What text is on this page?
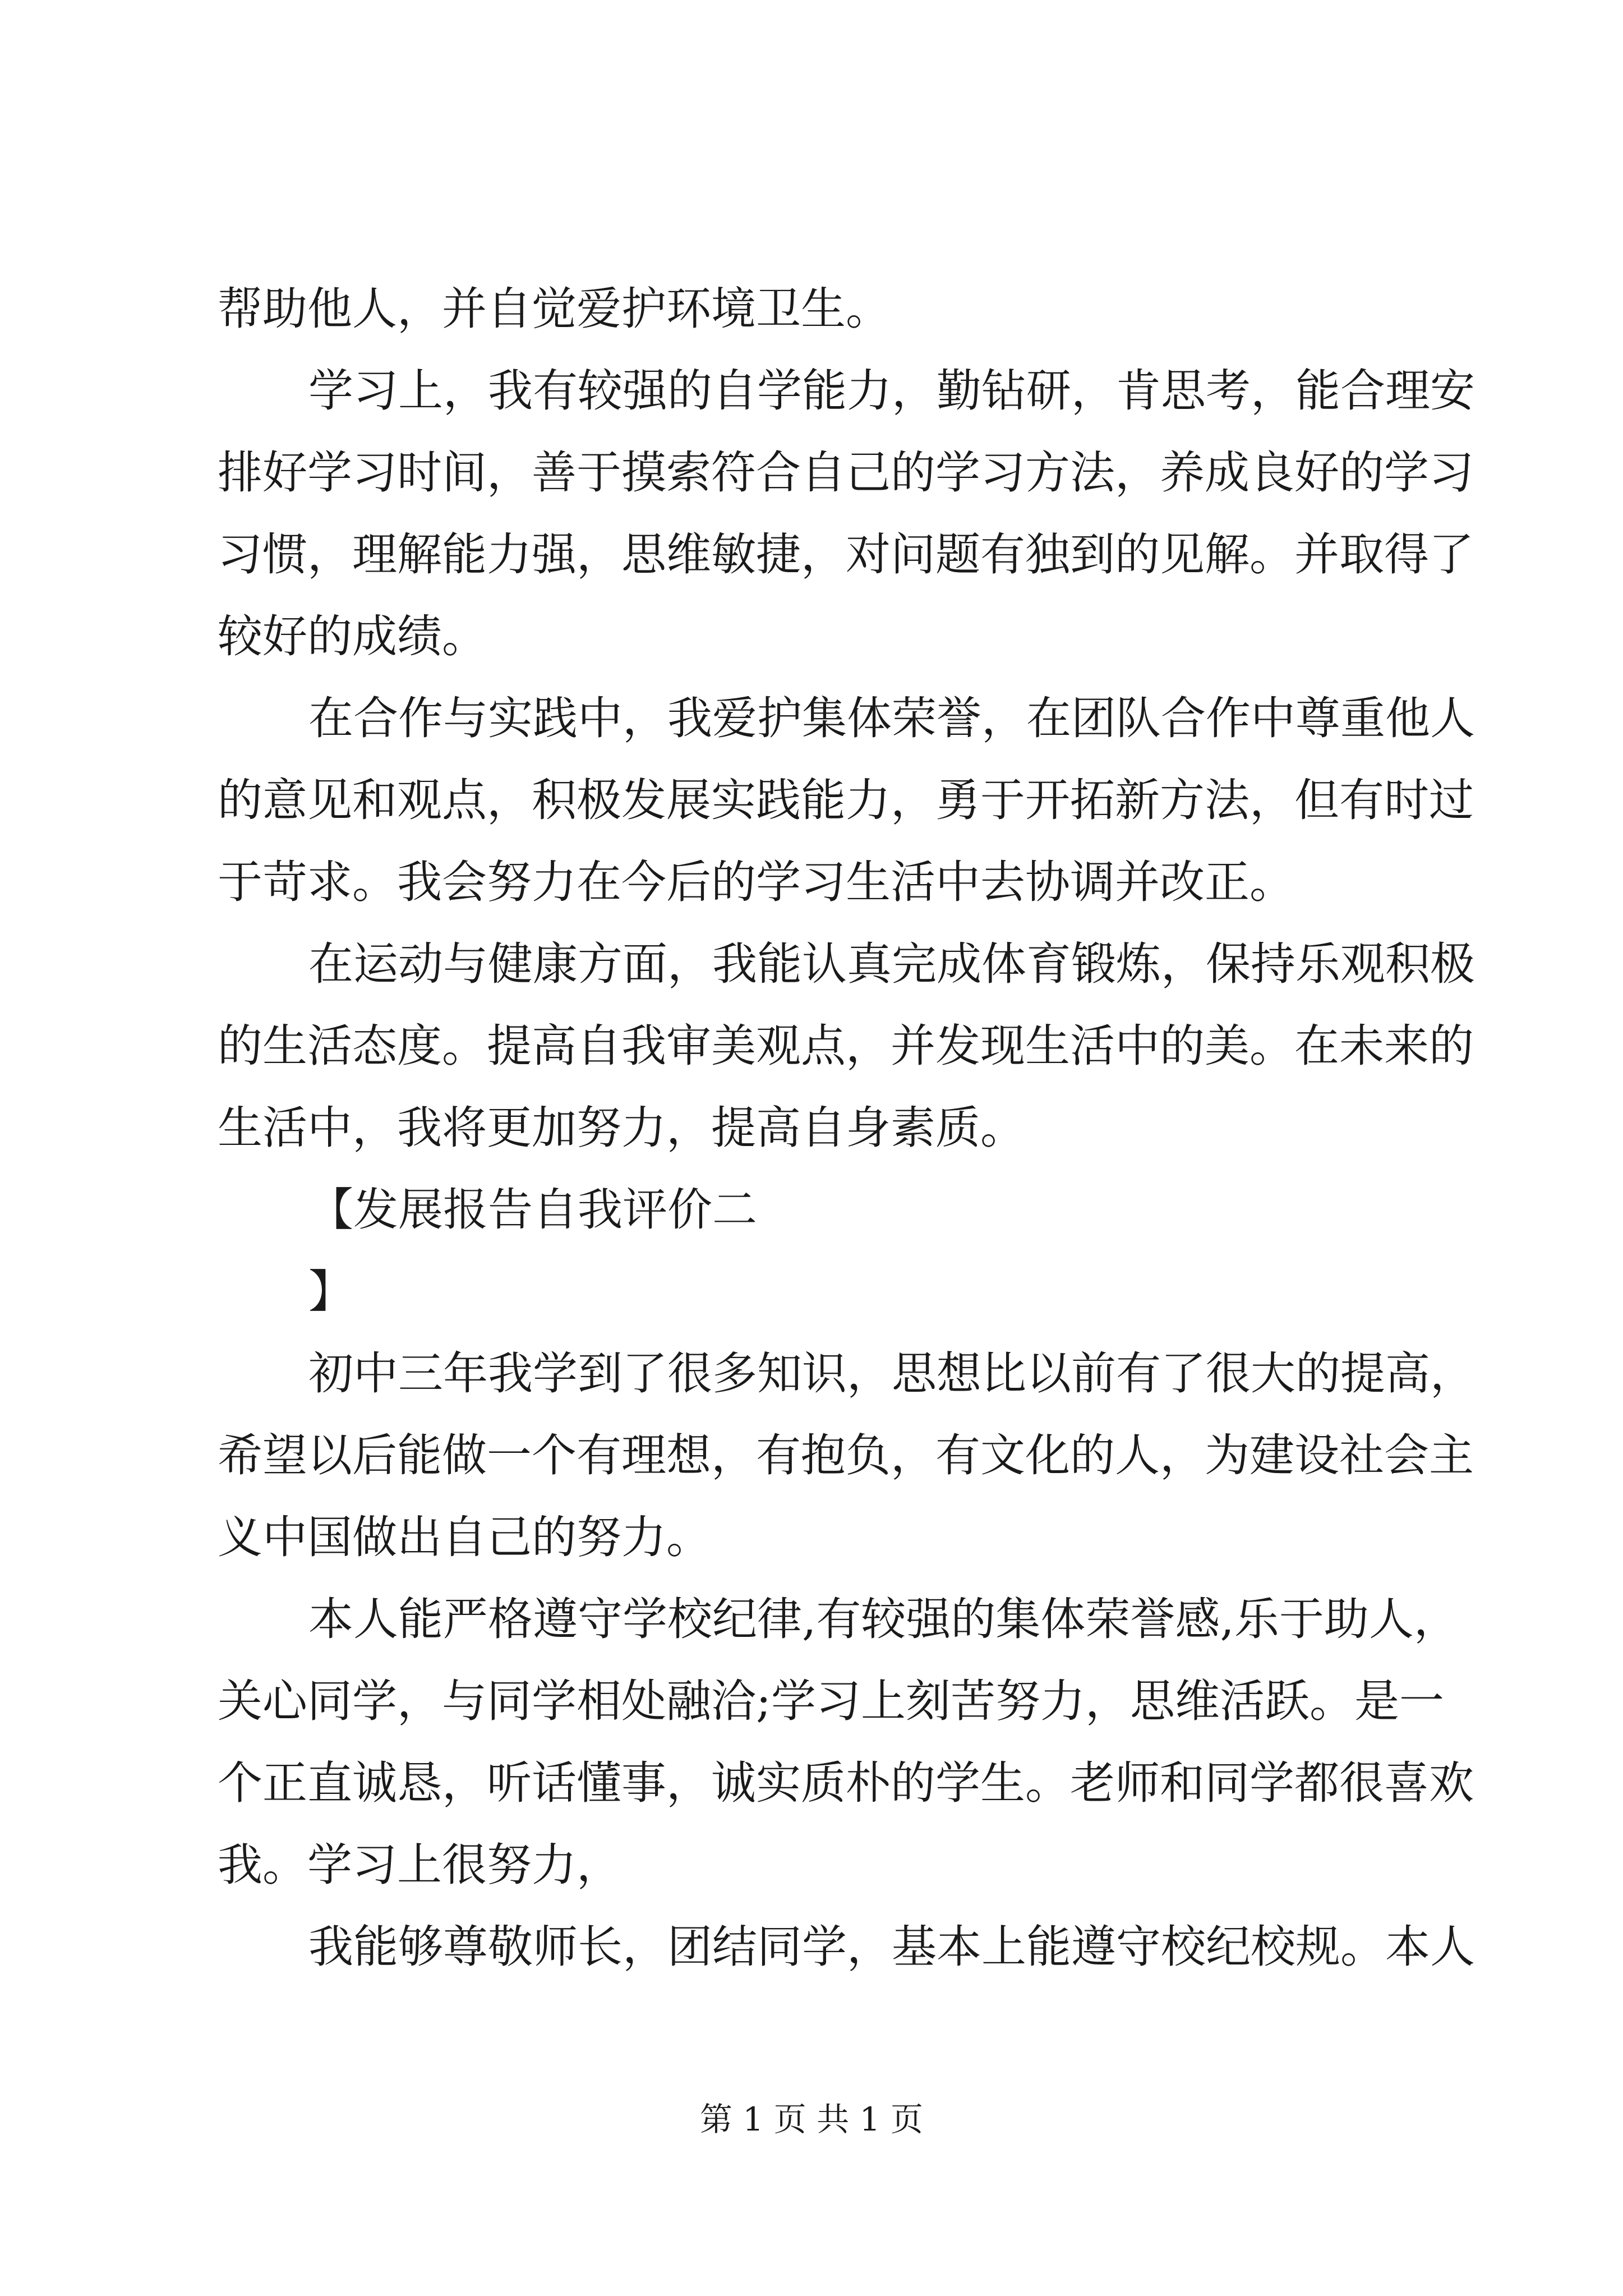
帮助他人，并自觉爱护环境卫生。
学习上，我有较强的自学能力，勤钻研，肯思考，能合理安
排好学习时间，善于摸索符合自己的学习方法，养成良好的学习
习惯，理解能力强，思维敏捷，对问题有独到的见解。并取得了
较好的成绩。
在合作与实践中，我爱护集体荣誉，在团队合作中尊重他人
的意见和观点，积极发展实践能力，勇于开拓新方法，但有时过
于苛求。我会努力在今后的学习生活中去协调并改正。
在运动与健康方面，我能认真完成体育锻炼，保持乐观积极
的生活态度。提高自我审美观点，并发现生活中的美。在未来的
生活中，我将更加努力，提高自身素质。
【发展报告自我评价二
】
初中三年我学到了很多知识，思想比以前有了很大的提高，
希望以后能做一个有理想，有抱负，有文化的人，为建设社会主
义中国做出自己的努力。
本人能严格遵守学校纪律,有较强的集体荣誉感,乐于助人，
关心同学，与同学相处融洽;学习上刻苦努力，思维活跃。是一
个正直诚恳，听话懂事，诚实质朴的学生。老师和同学都很喜欢
我。学习上很努力，
我能够尊敬师长，团结同学，基本上能遵守校纪校规。本人
第 1 页 共 1 页
